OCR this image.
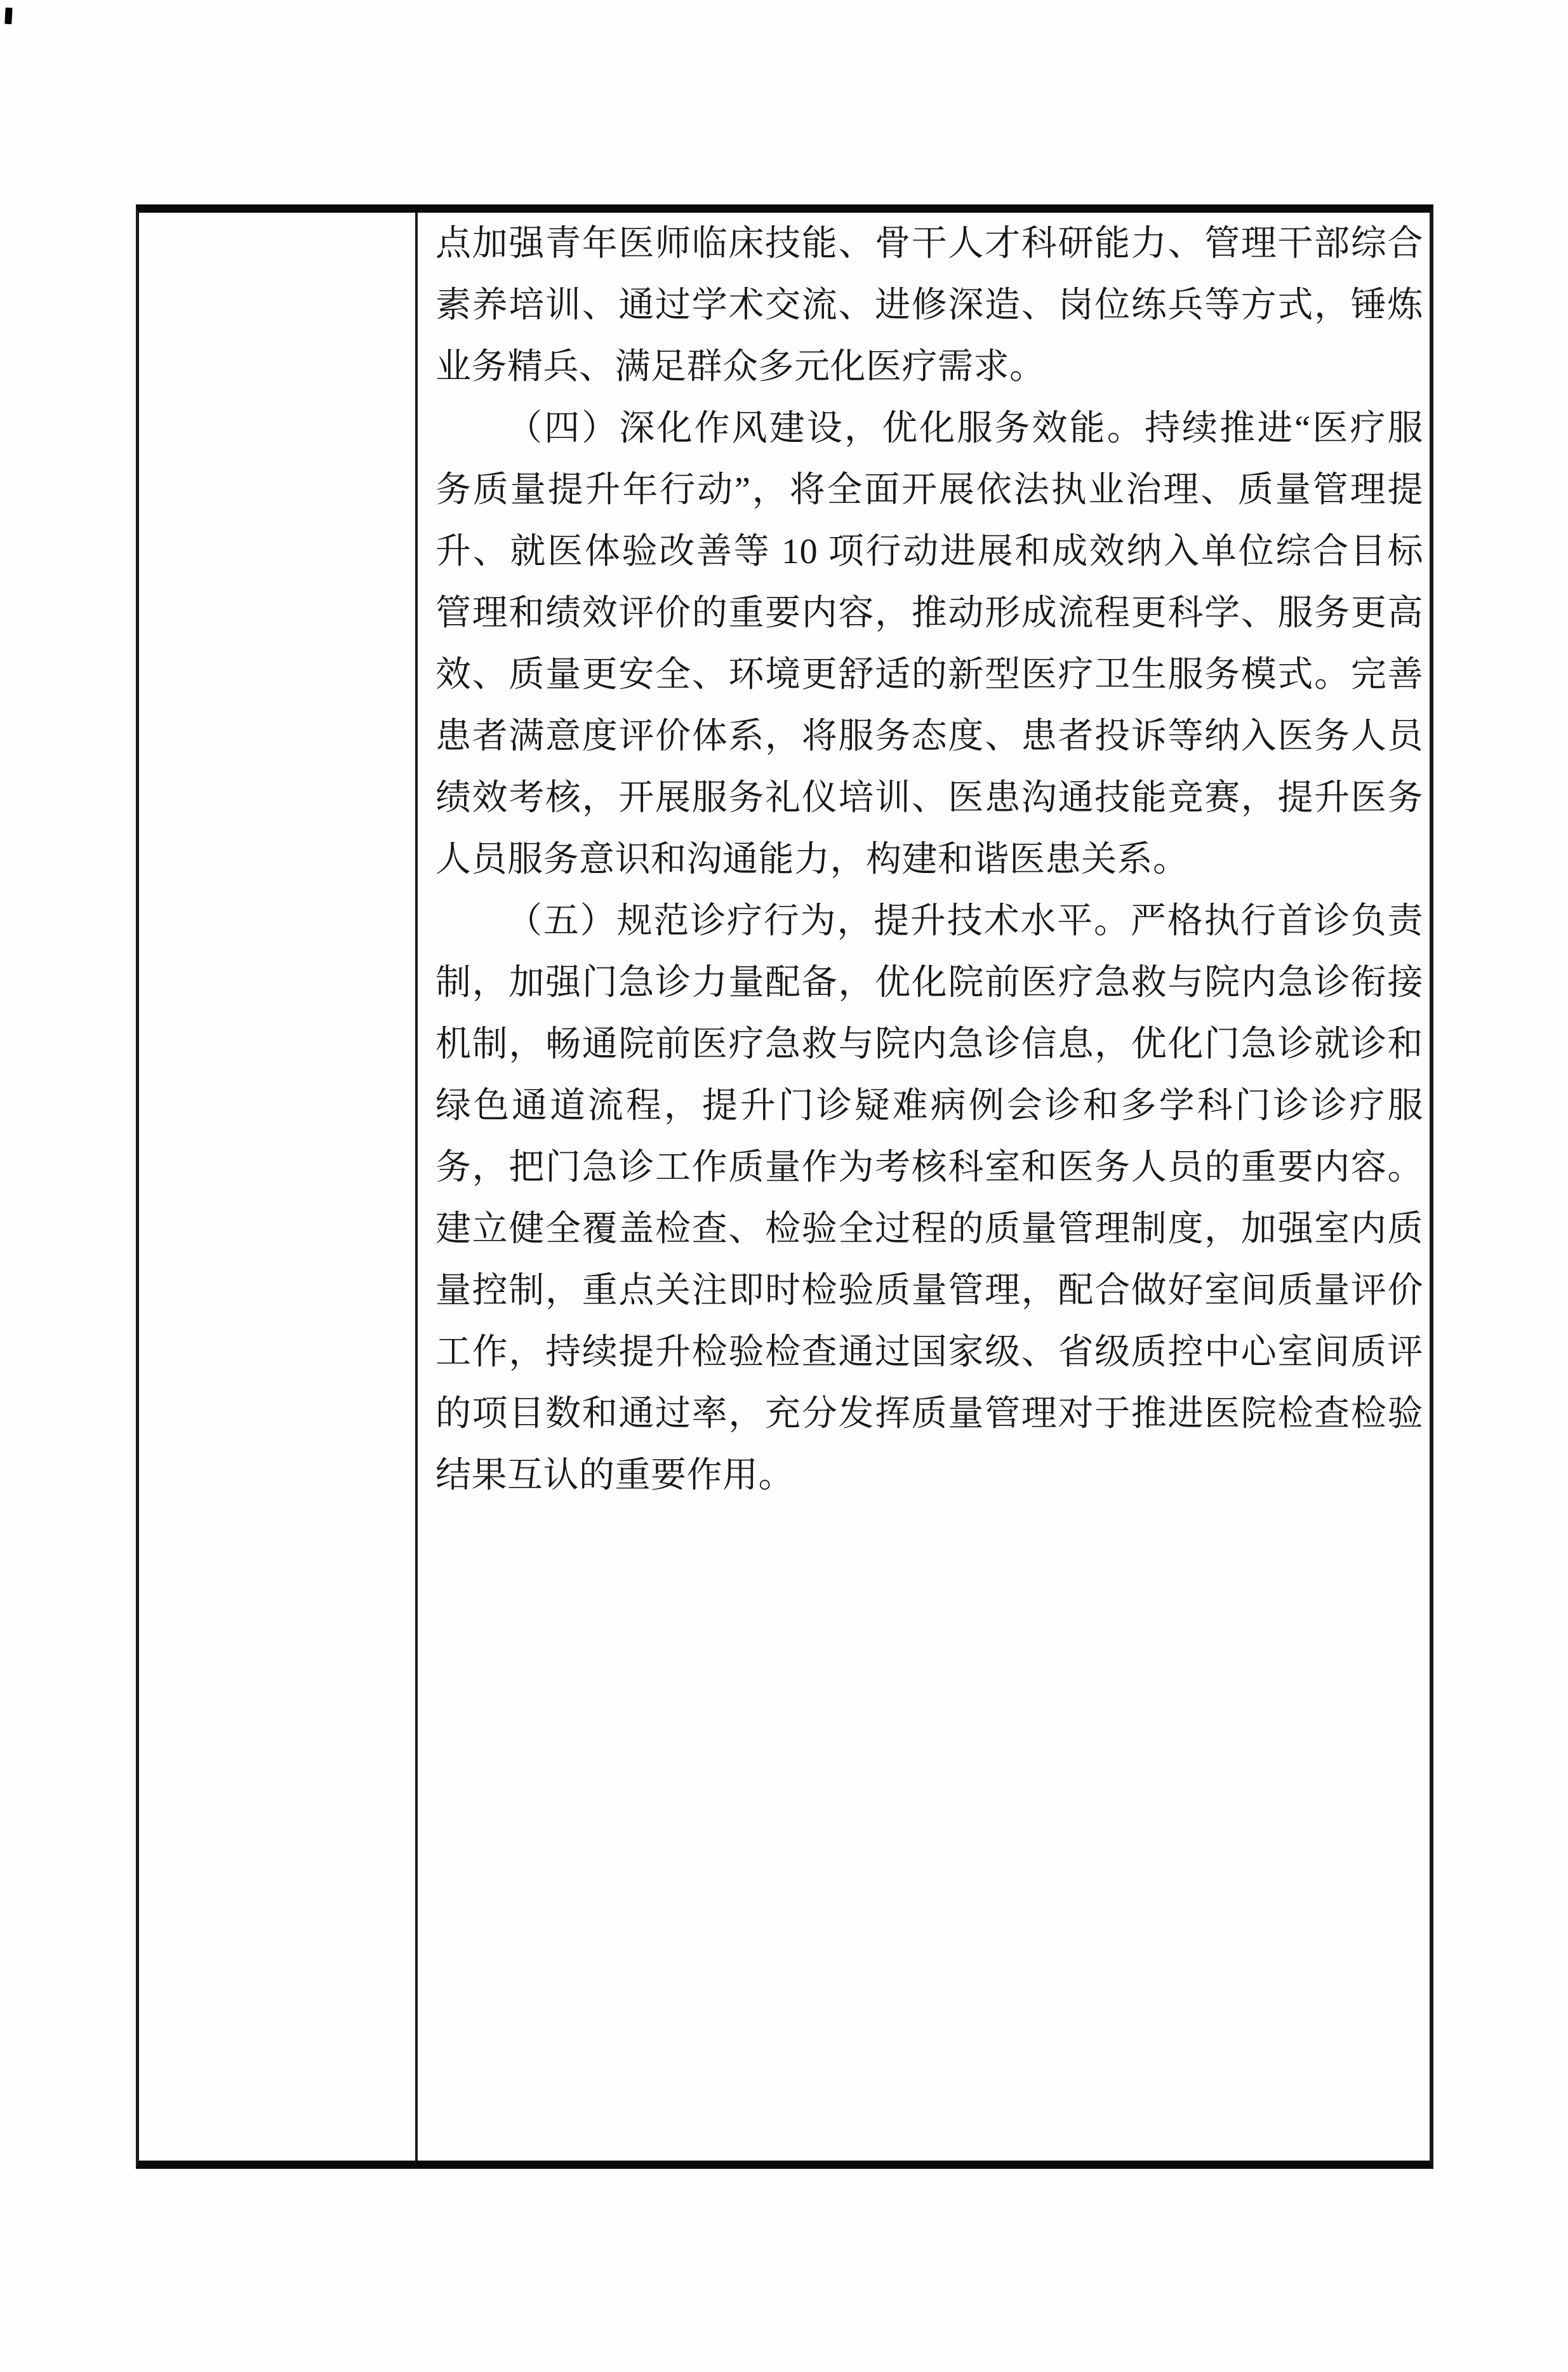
点加强青年医师临床技能、骨干人才科研能力、管理干部综合
素养培训、通过学术交流、进修深造、岗位练兵等方式，锤炼
业务精兵、满足群众多元化医疗需求。
（四）深化作风建设，优化服务效能。持续推进“医疗服
务质量提升年行动”，将全面开展依法执业治理、质量管理提
升、就医体验改善等 10 项行动进展和成效纳入单位综合目标
管理和绩效评价的重要内容，推动形成流程更科学、服务更高
效、质量更安全、环境更舒适的新型医疗卫生服务模式。完善
患者满意度评价体系，将服务态度、患者投诉等纳入医务人员
绩效考核，开展服务礼仪培训、医患沟通技能竞赛，提升医务
人员服务意识和沟通能力，构建和谐医患关系。
（五）规范诊疗行为，提升技术水平。严格执行首诊负责
制，加强门急诊力量配备，优化院前医疗急救与院内急诊衔接
机制，畅通院前医疗急救与院内急诊信息，优化门急诊就诊和
绿色通道流程，提升门诊疑难病例会诊和多学科门诊诊疗服
务，把门急诊工作质量作为考核科室和医务人员的重要内容。
建立健全覆盖检查、检验全过程的质量管理制度，加强室内质
量控制，重点关注即时检验质量管理，配合做好室间质量评价
工作，持续提升检验检查通过国家级、省级质控中心室间质评
的项目数和通过率，充分发挥质量管理对于推进医院检查检验
结果互认的重要作用。
